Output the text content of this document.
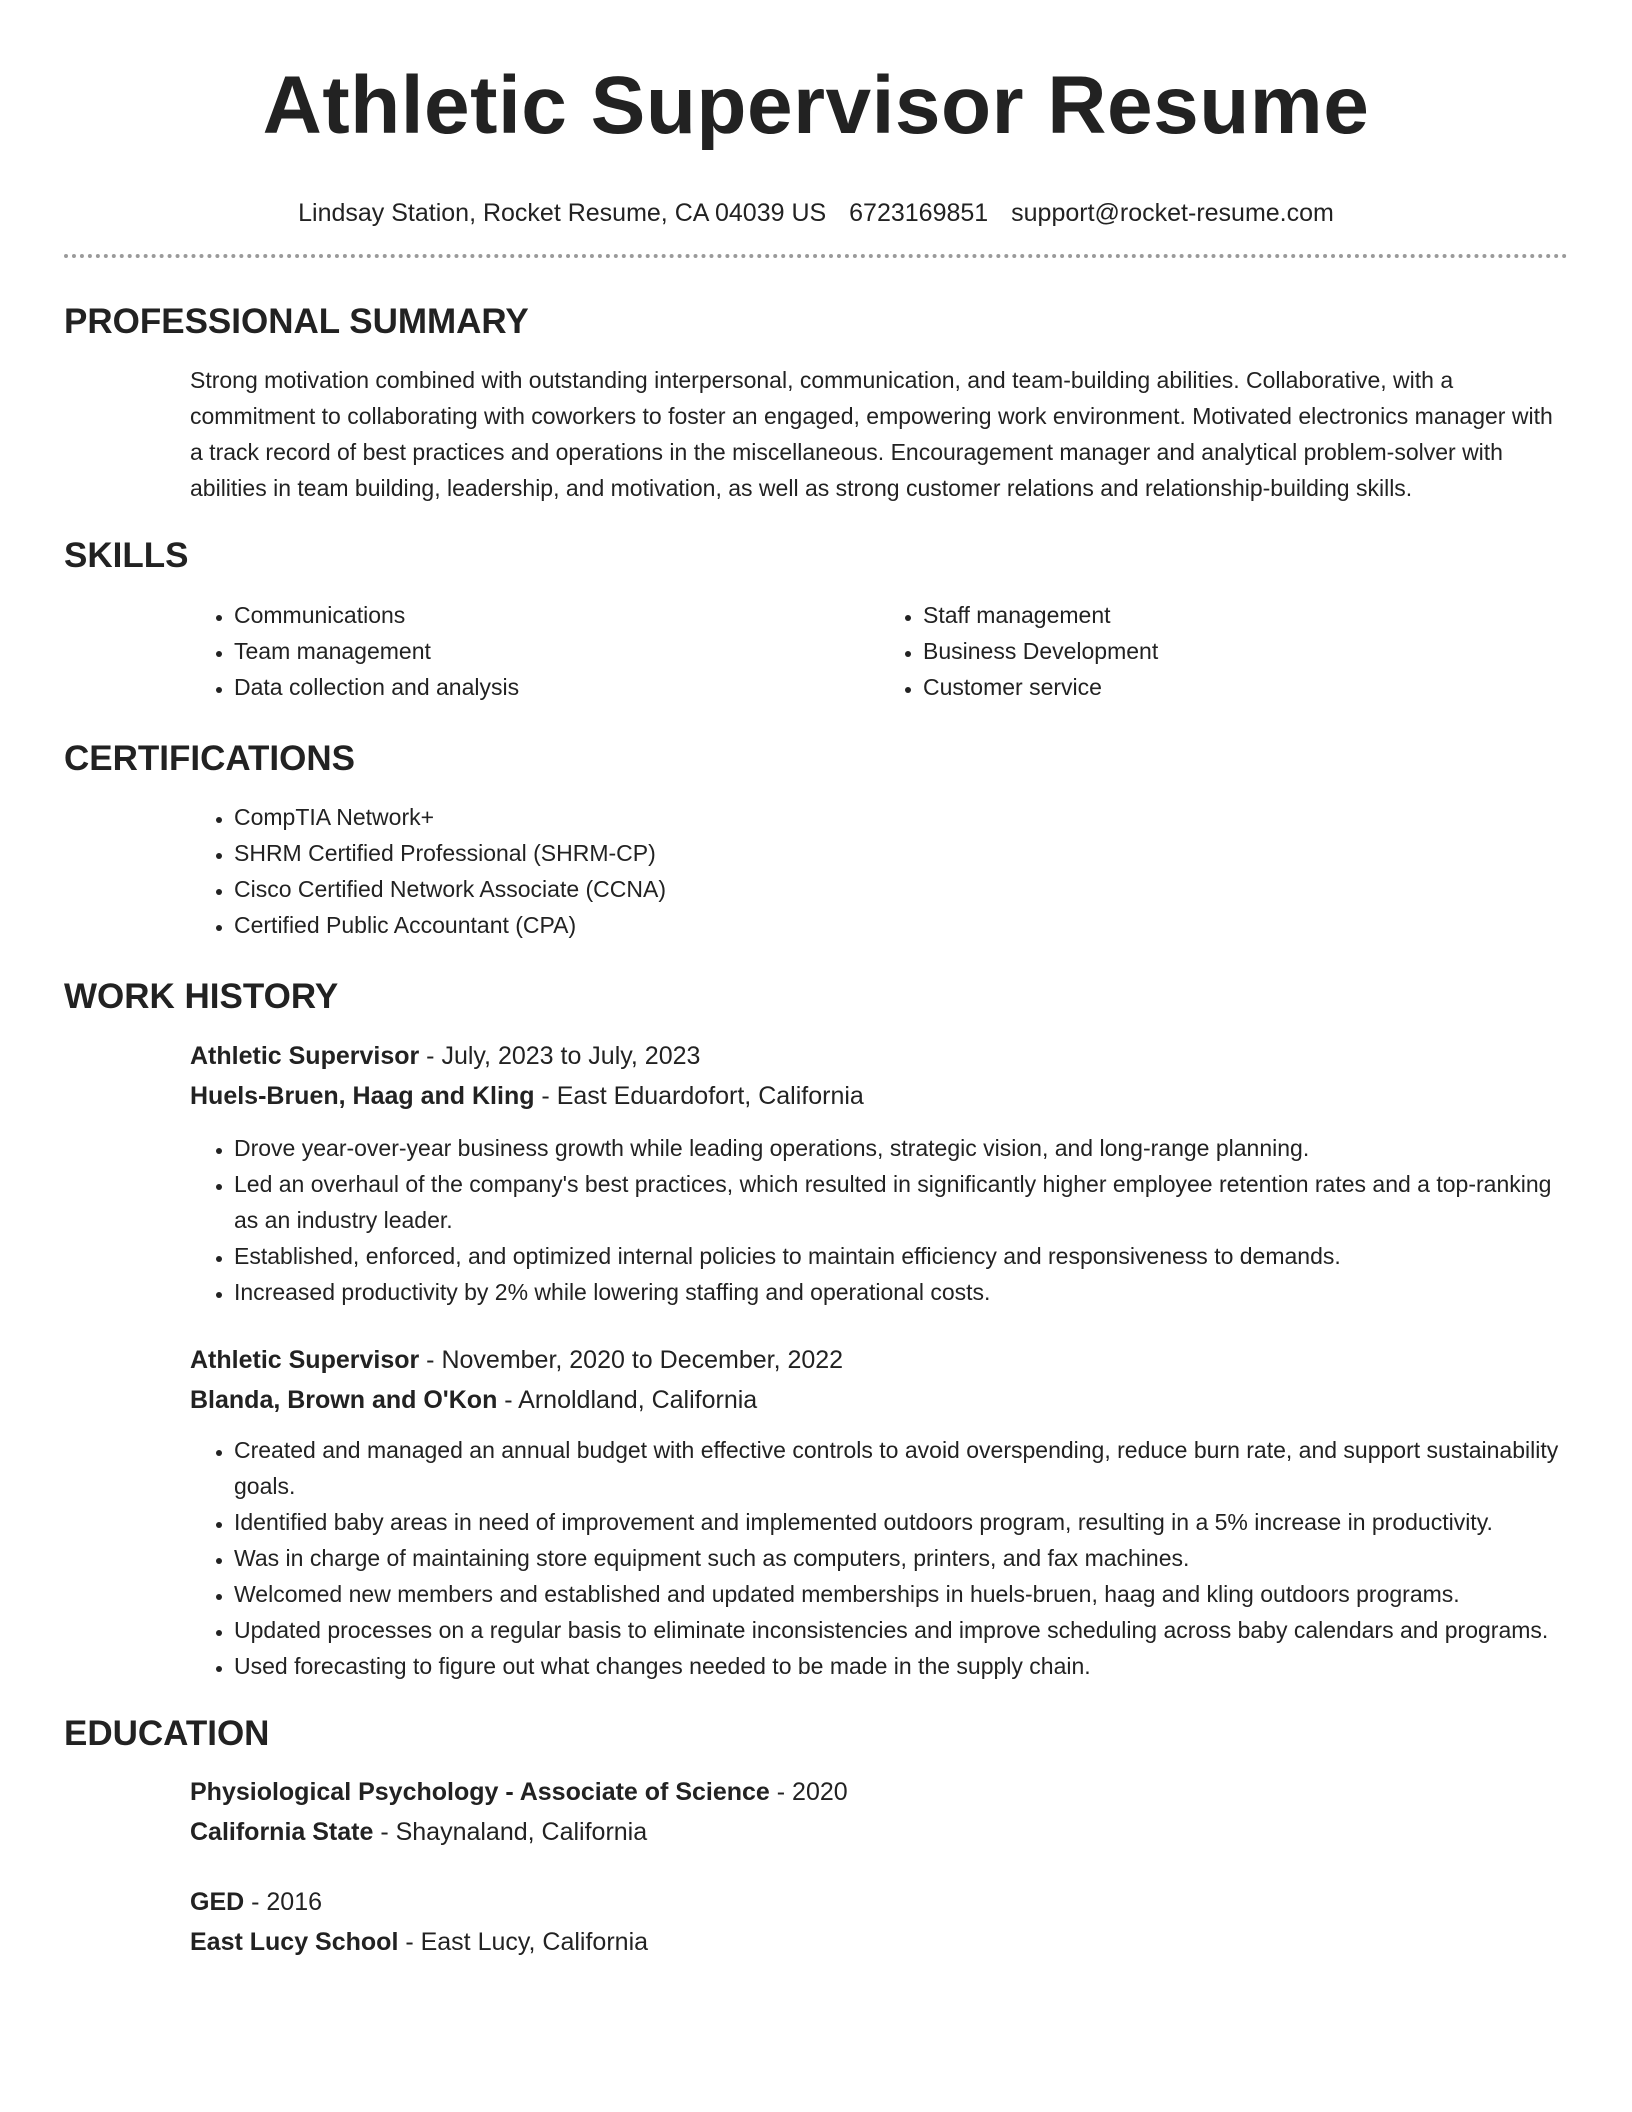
Athletic Supervisor Resume
Lindsay Station, Rocket Resume, CA 04039 US 6723169851 support@rocket-resume.com
PROFESSIONAL SUMMARY

Strong motivation combined with outstanding interpersonal, communication, and team-building abilities. Collaborative, with a commitment to collaborating with coworkers to foster an engaged, empowering work environment. Motivated electronics manager with a track record of best practices and operations in the miscellaneous. Encouragement manager and analytical problem-solver with abilities in team building, leadership, and motivation, as well as strong customer relations and relationship-building skills.

SKILLS
• Communications
• Team management
• Data collection and analysis
• Staff management
• Business Development
• Customer service
CERTIFICATIONS
• CompTIA Network+
• SHRM Certified Professional (SHRM-CP)
• Cisco Certified Network Associate (CCNA)
• Certified Public Accountant (CPA)
WORK HISTORY
Athletic Supervisor - July, 2023 to July, 2023
Huels-Bruen, Haag and Kling - East Eduardofort, California
• Drove year-over-year business growth while leading operations, strategic vision, and long-range planning.
• Led an overhaul of the company's best practices, which resulted in significantly higher employee retention rates and a top-ranking as an industry leader.
• Established, enforced, and optimized internal policies to maintain efficiency and responsiveness to demands.
• Increased productivity by 2% while lowering staffing and operational costs.
Athletic Supervisor - November, 2020 to December, 2022
Blanda, Brown and O'Kon - Arnoldland, California
• Created and managed an annual budget with effective controls to avoid overspending, reduce burn rate, and support sustainability goals.
• Identified baby areas in need of improvement and implemented outdoors program, resulting in a 5% increase in productivity.
• Was in charge of maintaining store equipment such as computers, printers, and fax machines.
• Welcomed new members and established and updated memberships in huels-bruen, haag and kling outdoors programs.
• Updated processes on a regular basis to eliminate inconsistencies and improve scheduling across baby calendars and programs.
• Used forecasting to figure out what changes needed to be made in the supply chain.
EDUCATION
Physiological Psychology - Associate of Science - 2020
California State - Shaynaland, California
GED - 2016
East Lucy School - East Lucy, California
